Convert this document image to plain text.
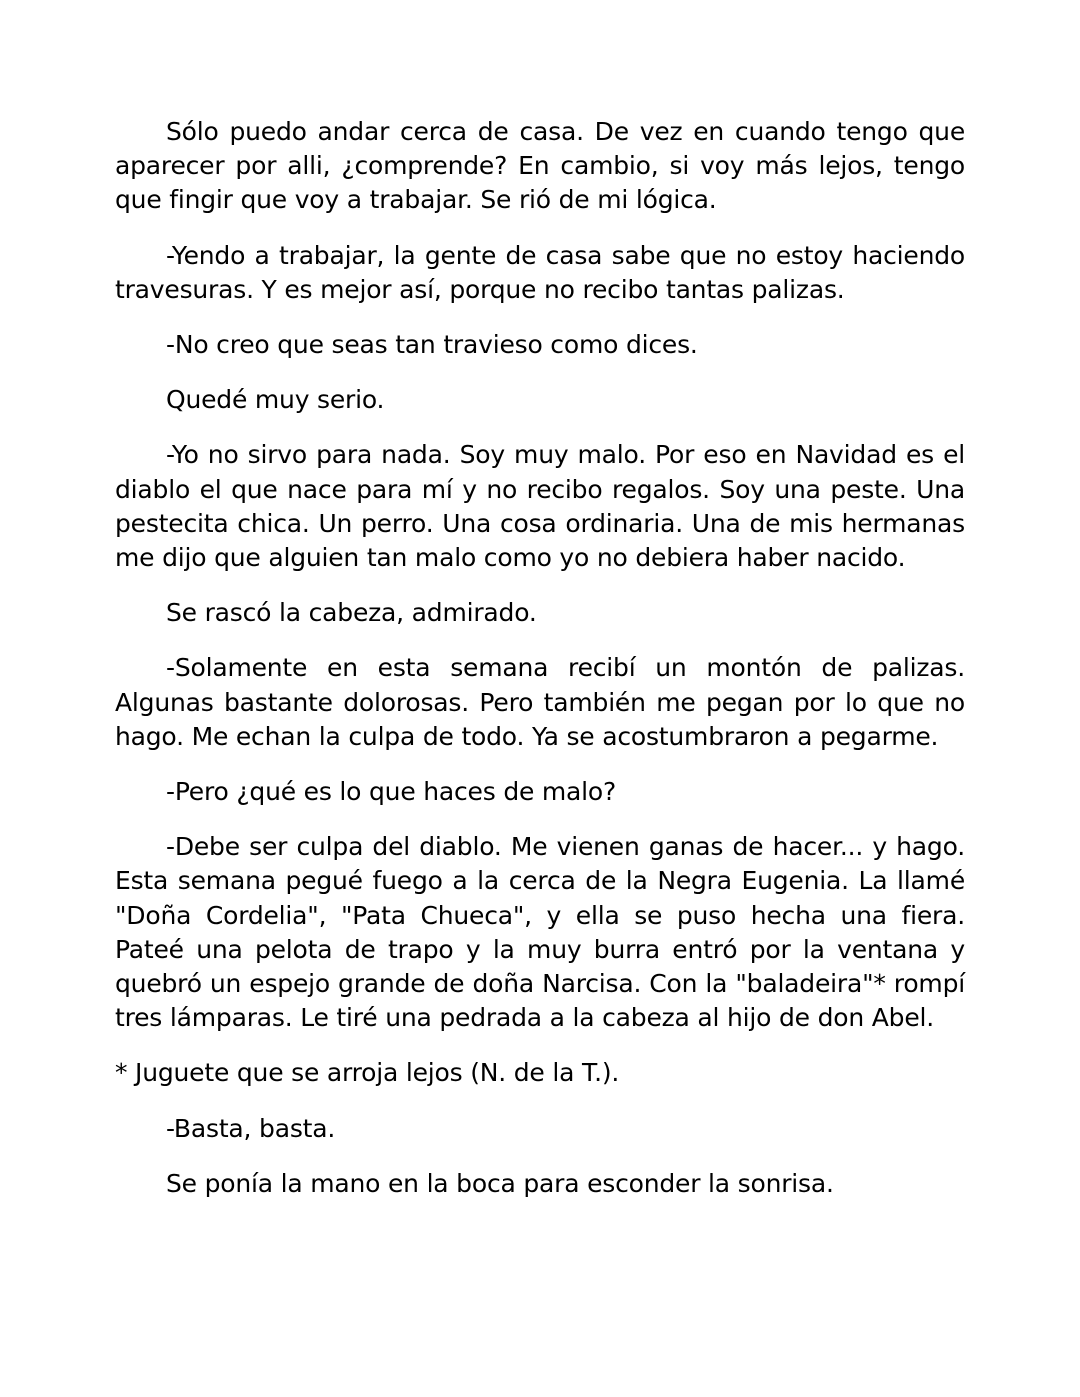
Sólo puedo andar cerca de casa. De vez en cuando tengo que aparecer por alli, ¿comprende? En cambio, si voy más lejos, tengo que fingir que voy a trabajar. Se rió de mi lógica.

-Yendo a trabajar, la gente de casa sabe que no estoy haciendo travesuras. Y es mejor así, porque no recibo tantas palizas.

-No creo que seas tan travieso como dices.

Quedé muy serio.

-Yo no sirvo para nada. Soy muy malo. Por eso en Navidad es el diablo el que nace para mí y no recibo regalos. Soy una peste. Una pestecita chica. Un perro. Una cosa ordinaria. Una de mis hermanas me dijo que alguien tan malo como yo no debiera haber nacido.

Se rascó la cabeza, admirado.

-Solamente en esta semana recibí un montón de palizas. Algunas bastante dolorosas. Pero también me pegan por lo que no hago. Me echan la culpa de todo. Ya se acostumbraron a pegarme.

-Pero ¿qué es lo que haces de malo?

-Debe ser culpa del diablo. Me vienen ganas de hacer... y hago. Esta semana pegué fuego a la cerca de la Negra Eugenia. La llamé "Doña Cordelia", "Pata Chueca", y ella se puso hecha una fiera. Pateé una pelota de trapo y la muy burra entró por la ventana y quebró un espejo grande de doña Narcisa. Con la "baladeira"* rompí tres lámparas. Le tiré una pedrada a la cabeza al hijo de don Abel.

* Juguete que se arroja lejos (N. de la T.).

-Basta, basta.

Se ponía la mano en la boca para esconder la sonrisa.
